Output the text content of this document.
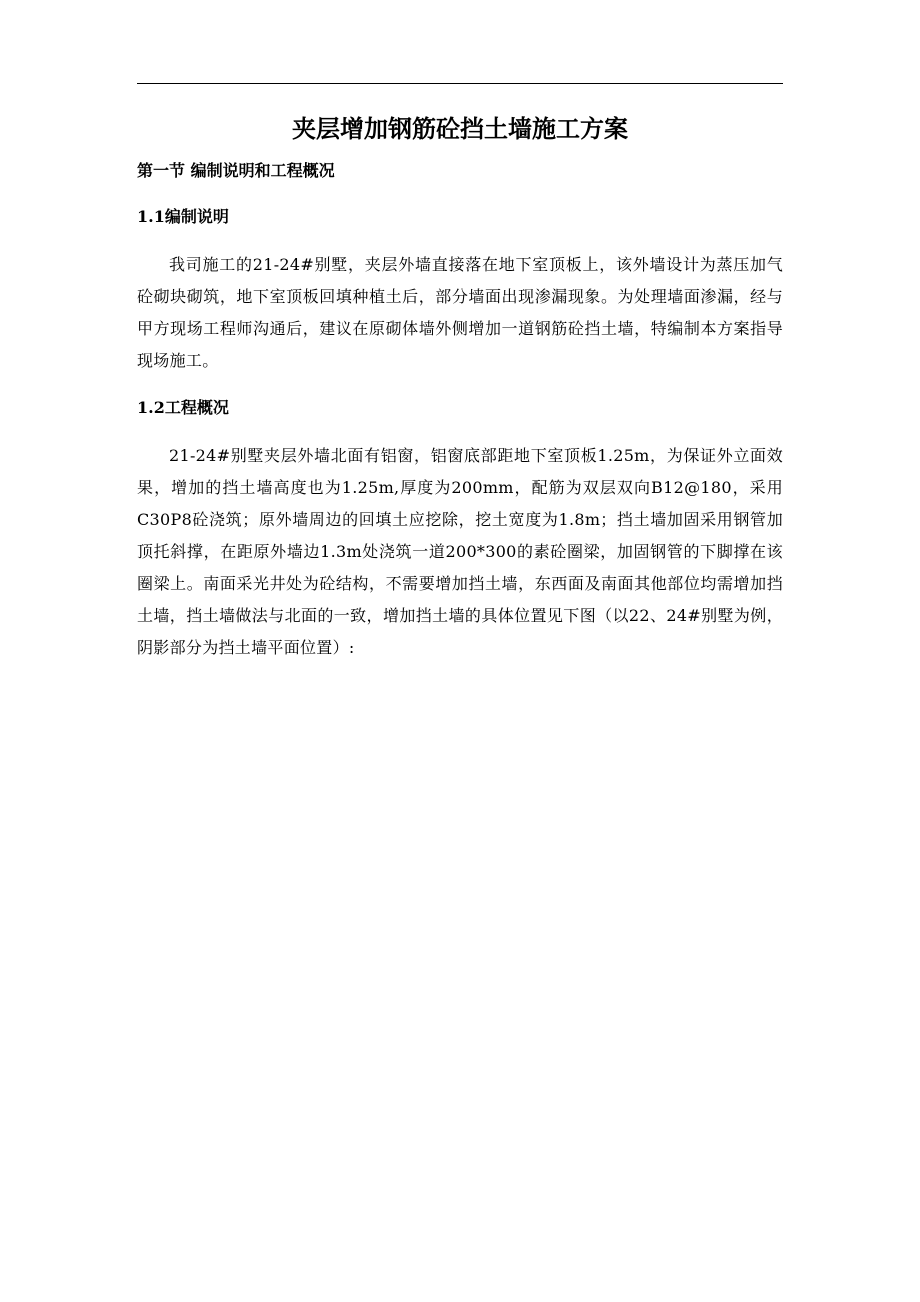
夹层增加钢筋砼挡土墙施工方案
第一节 编制说明和工程概况
1.1编制说明

我司施工的21-24#别墅，夹层外墙直接落在地下室顶板上，该外墙设计为蒸压加气砼砌块砌筑，地下室顶板回填种植土后，部分墙面出现渗漏现象。为处理墙面渗漏，经与甲方现场工程师沟通后，建议在原砌体墙外侧增加一道钢筋砼挡土墙，特编制本方案指导现场施工。

1.2工程概况

21-24#别墅夹层外墙北面有铝窗，铝窗底部距地下室顶板1.25m，为保证外立面效果，增加的挡土墙高度也为1.25m,厚度为200mm，配筋为双层双向B12@180，采用C30P8砼浇筑；原外墙周边的回填土应挖除，挖土宽度为1.8m；挡土墙加固采用钢管加顶托斜撑，在距原外墙边1.3m处浇筑一道200*300的素砼圈梁，加固钢管的下脚撑在该圈梁上。南面采光井处为砼结构，不需要增加挡土墙，东西面及南面其他部位均需增加挡土墙，挡土墙做法与北面的一致，增加挡土墙的具体位置见下图（以22、24#别墅为例，阴影部分为挡土墙平面位置）:
